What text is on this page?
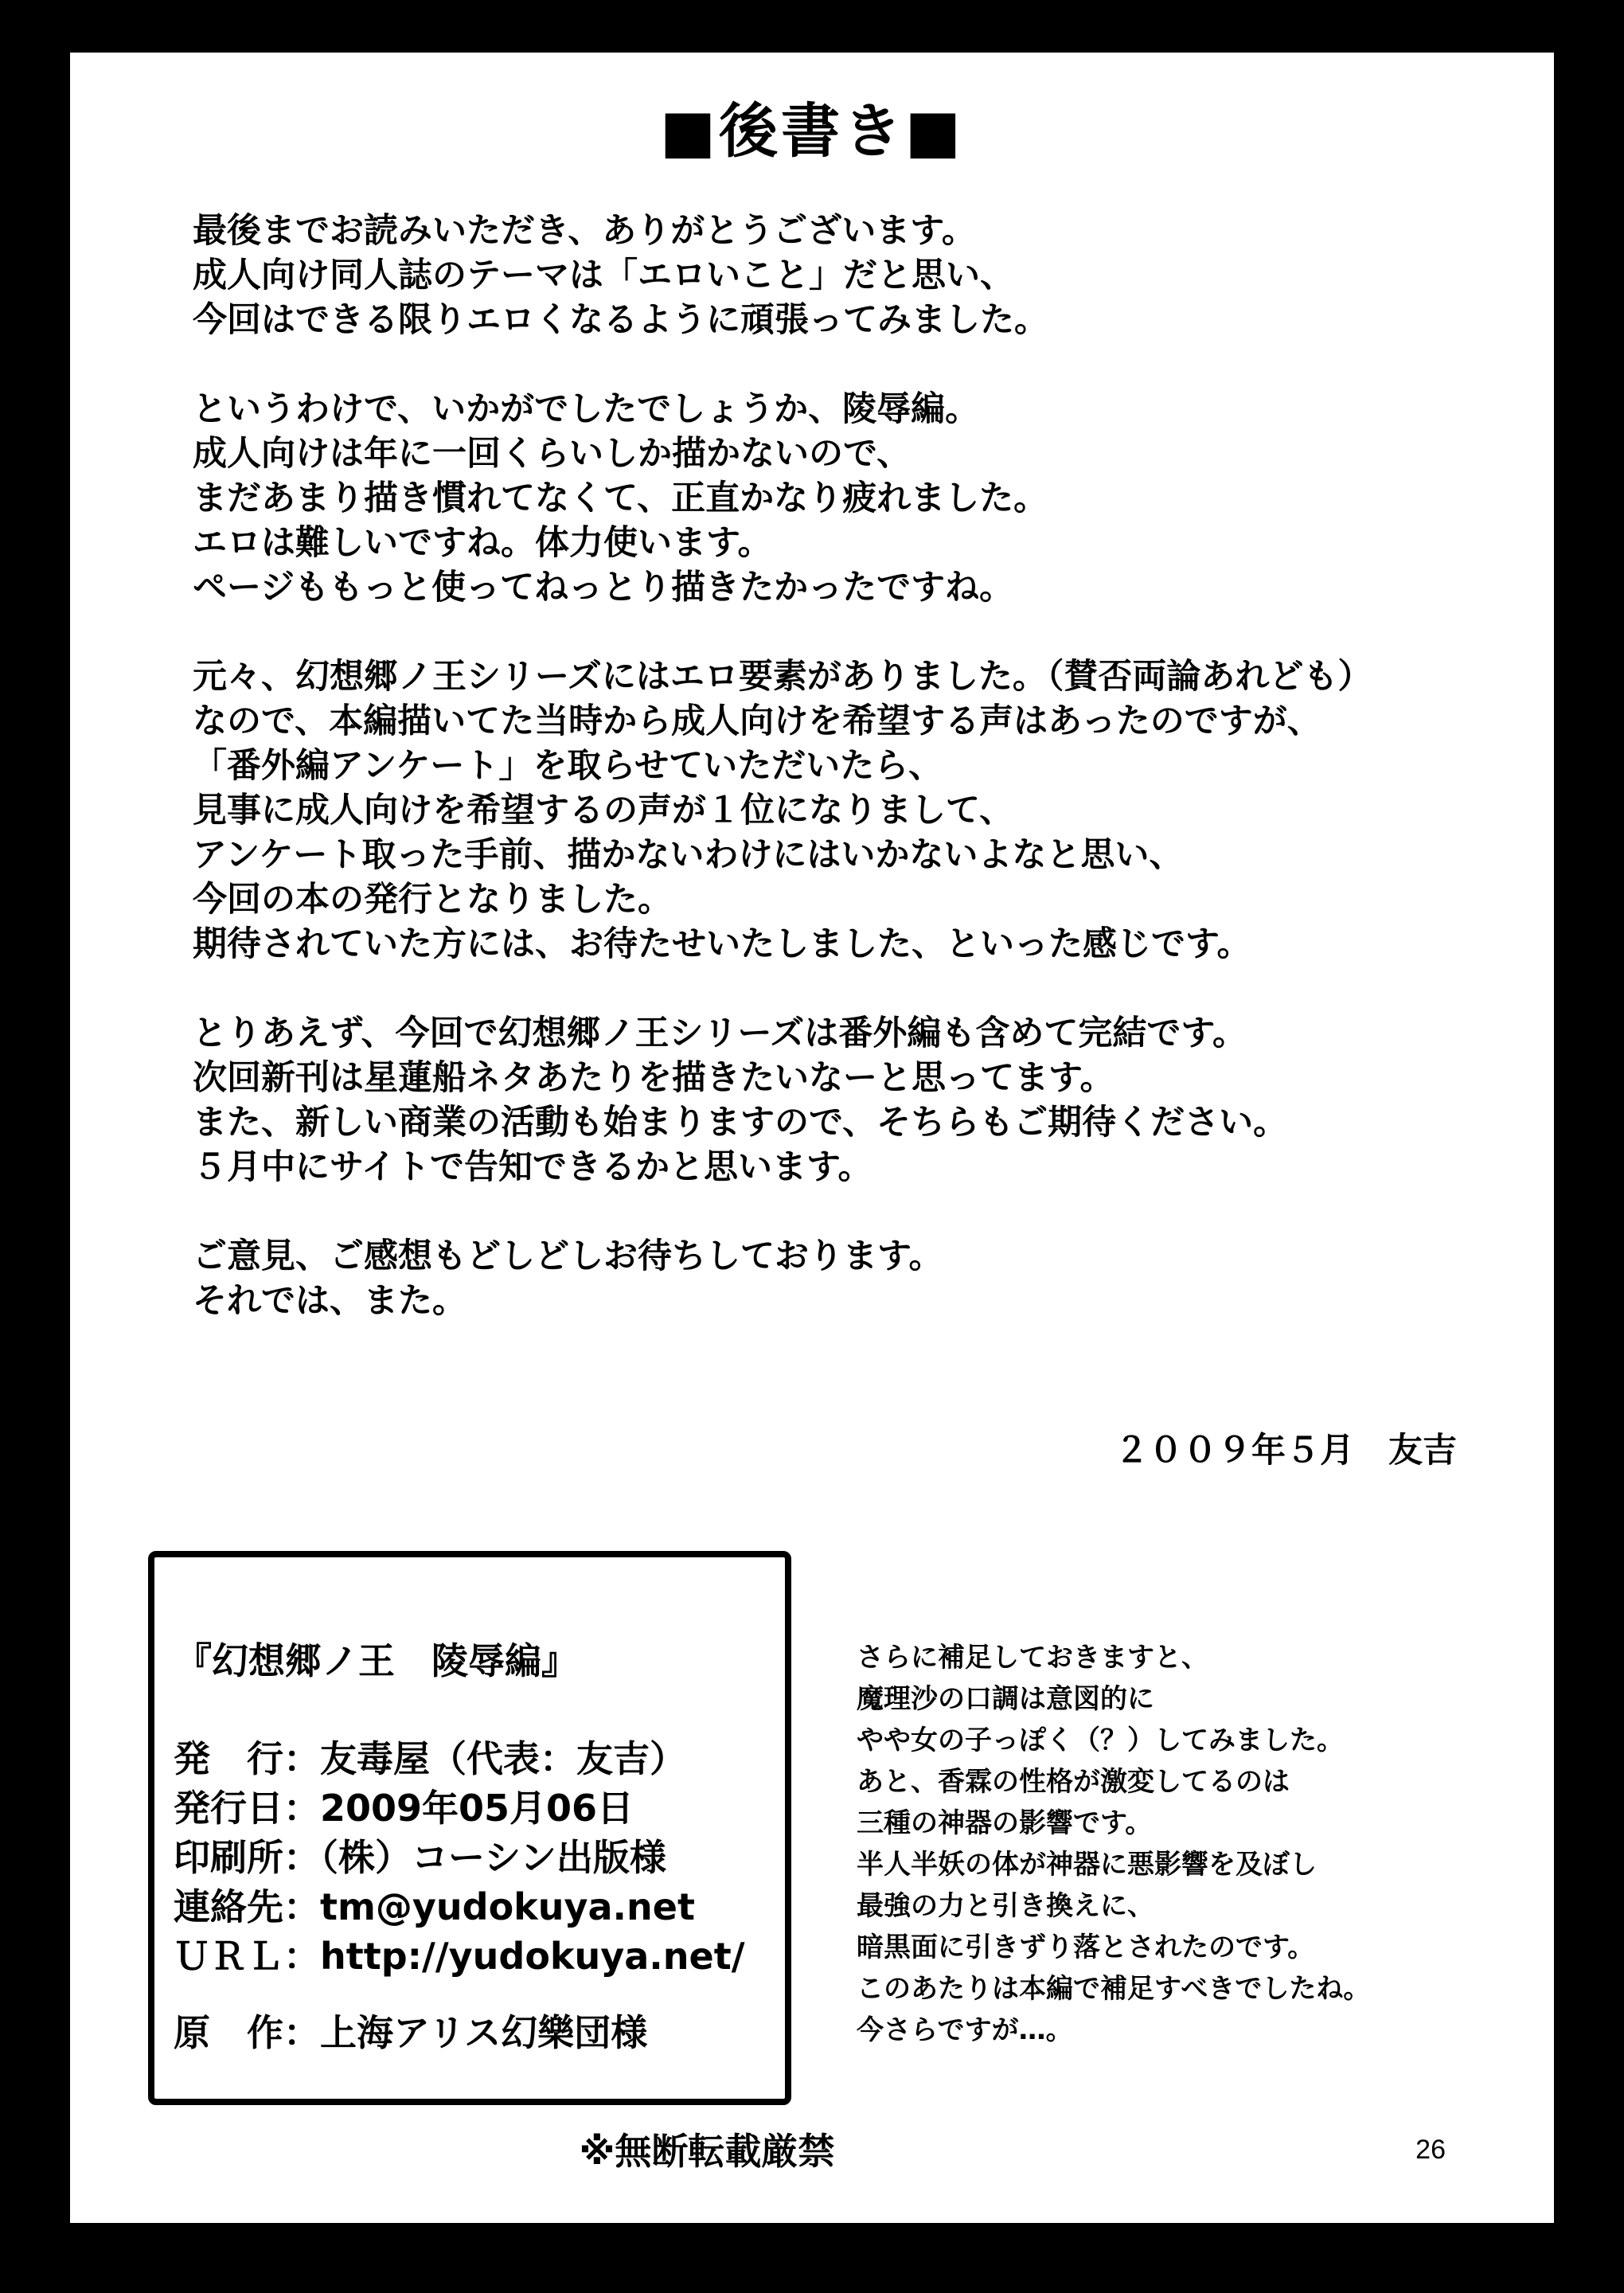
■後書き■
最後までお読みいただき、ありがとうございます。
成人向け同人誌のテーマは「エロいこと」だと思い、
今回はできる限りエロくなるように頑張ってみました。
というわけで、いかがでしたでしょうか、陵辱編。
成人向けは年に一回くらいしか描かないので、
まだあまり描き慣れてなくて、正直かなり疲れました。
エロは難しいですね。体力使います。
ページももっと使ってねっとり描きたかったですね。
元々、幻想郷ノ王シリーズにはエロ要素がありました。（賛否両論あれども）
なので、本編描いてた当時から成人向けを希望する声はあったのですが、
「番外編アンケート」を取らせていただいたら、
見事に成人向けを希望するの声が１位になりまして、
アンケート取った手前、描かないわけにはいかないよなと思い、
今回の本の発行となりました。
期待されていた方には、お待たせいたしました、といった感じです。
とりあえず、今回で幻想郷ノ王シリーズは番外編も含めて完結です。
次回新刊は星蓮船ネタあたりを描きたいなーと思ってます。
また、新しい商業の活動も始まりますので、そちらもご期待ください。
５月中にサイトで告知できるかと思います。
ご意見、ご感想もどしどしお待ちしております。
それでは、また。
２００９年５月　友吉
『幻想郷ノ王　陵辱編』
発　行：友毒屋（代表：友吉）
発行日：2009年05月06日
印刷所：（株）コーシン出版様
連絡先：tm@yudokuya.net
ＵＲＬ：http://yudokuya.net/
原　作：上海アリス幻樂団様
さらに補足しておきますと、
魔理沙の口調は意図的に
やや女の子っぽく（？）してみました。
あと、香霖の性格が激変してるのは
三種の神器の影響です。
半人半妖の体が神器に悪影響を及ぼし
最強の力と引き換えに、
暗黒面に引きずり落とされたのです。
このあたりは本編で補足すべきでしたね。
今さらですが…。
※無断転載厳禁	26
